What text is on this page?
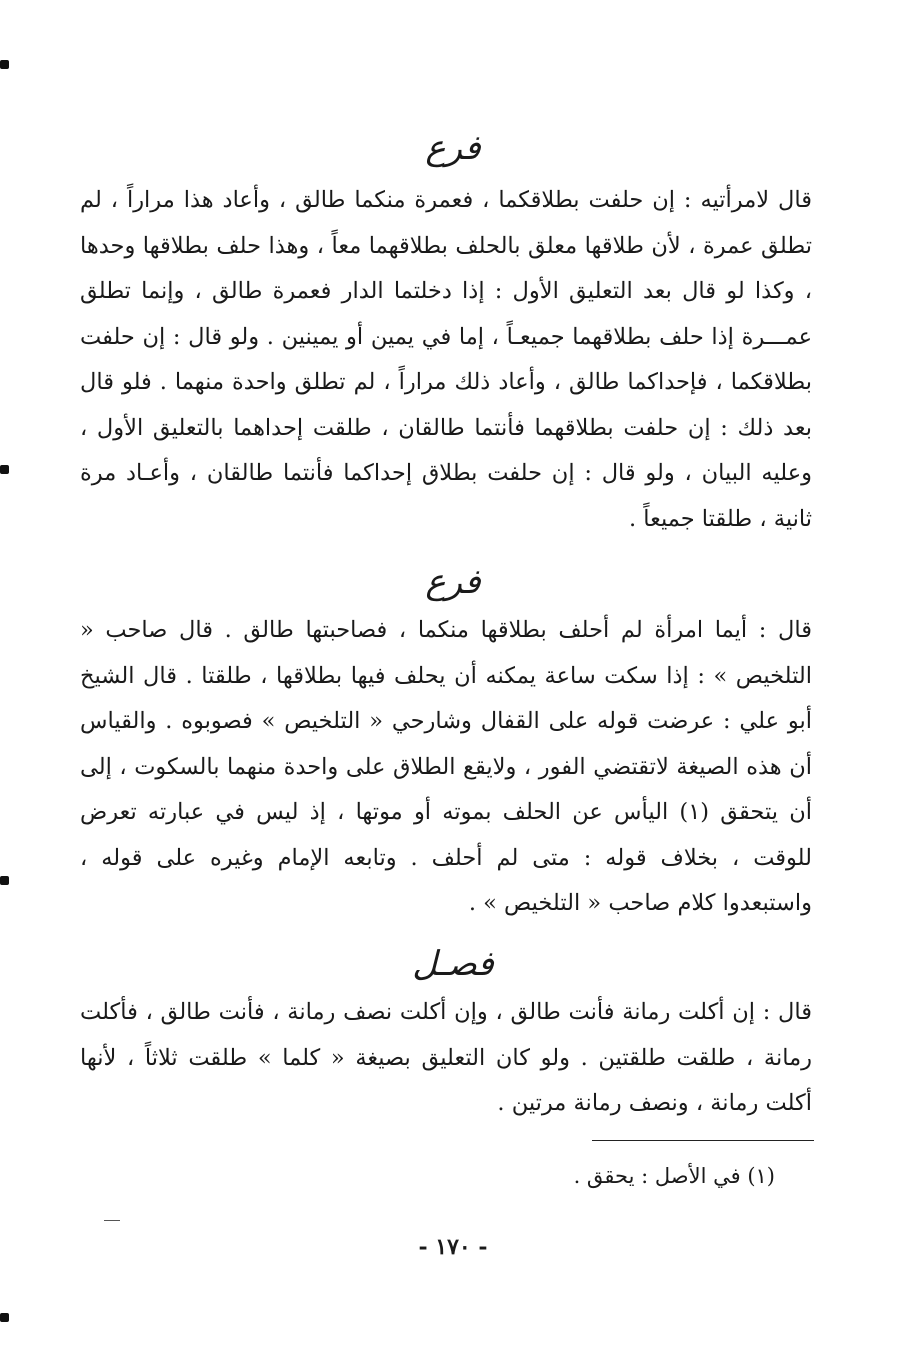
فرع
قال لامرأتيه : إن حلفت بطلاقكما ، فعمرة منكما طالق ، وأعاد هذا مراراً ، لم تطلق عمرة ، لأن طلاقها معلق بالحلف بطلاقهما معاً ، وهذا حلف بطلاقها وحدها ، وكذا لو قال بعد التعليق الأول : إذا دخلتما الدار فعمرة طالق ، وإنما تطلق عمـــرة إذا حلف بطلاقهما جميعـاً ، إما في يمين أو يمينين . ولو قال : إن حلفت بطلاقكما ، فإحداكما طالق ، وأعاد ذلك مراراً ، لم تطلق واحدة منهما . فلو قال بعد ذلك : إن حلفت بطلاقهما فأنتما طالقان ، طلقت إحداهما بالتعليق الأول ، وعليه البيان ، ولو قال : إن حلفت بطلاق إحداكما فأنتما طالقان ، وأعـاد مرة ثانية ، طلقتا جميعاً .
فرع
قال : أيما امرأة لم أحلف بطلاقها منكما ، فصاحبتها طالق . قال صاحب « التلخيص » : إذا سكت ساعة يمكنه أن يحلف فيها بطلاقها ، طلقتا . قال الشيخ أبو علي : عرضت قوله على القفال وشارحي « التلخيص » فصوبوه . والقياس أن هذه الصيغة لاتقتضي الفور ، ولايقع الطلاق على واحدة منهما بالسكوت ، إلى أن يتحقق (١) اليأس عن الحلف بموته أو موتها ، إذ ليس في عبارته تعرض للوقت ، بخلاف قوله : متى لم أحلف . وتابعه الإمام وغيره على قوله ، واستبعدوا كلام صاحب « التلخيص » .
فصـل
قال : إن أكلت رمانة فأنت طالق ، وإن أكلت نصف رمانة ، فأنت طالق ، فأكلت رمانة ، طلقت طلقتين . ولو كان التعليق بصيغة « كلما » طلقت ثلاثاً ، لأنها أكلت رمانة ، ونصف رمانة مرتين .
(١) في الأصل : يحقق .
- ١٧٠ -
